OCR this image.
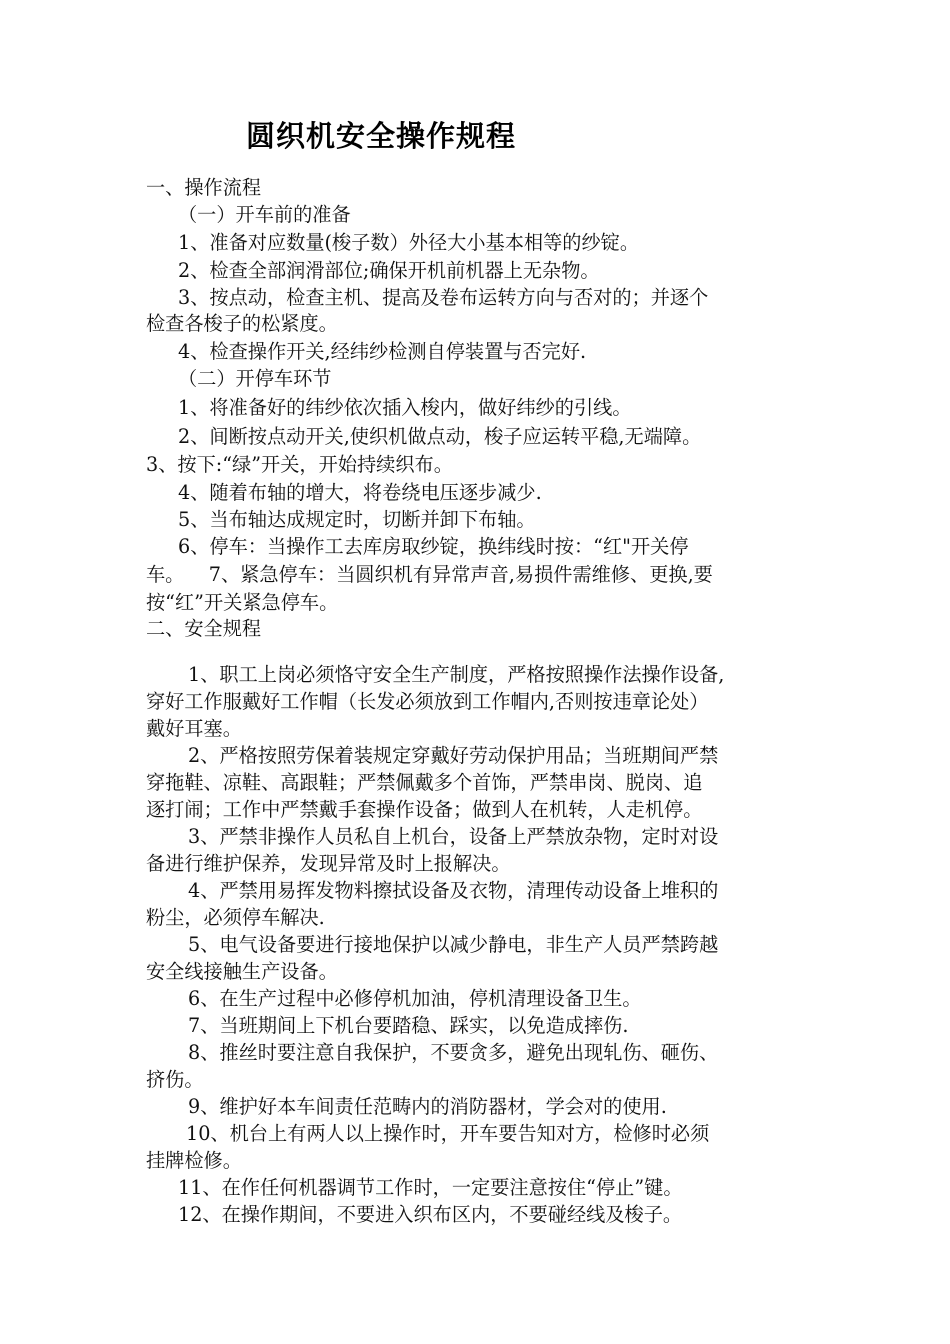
圆织机安全操作规程
一、操作流程
（一）开车前的准备
1、准备对应数量(梭子数）外径大小基本相等的纱锭。
2、检查全部润滑部位;确保开机前机器上无杂物。
3、按点动，检查主机、提高及卷布运转方向与否对的；并逐个
检查各梭子的松紧度。
4、检查操作开关,经纬纱检测自停装置与否完好.
（二）开停车环节
1、将准备好的纬纱依次插入梭内，做好纬纱的引线。
2、间断按点动开关,使织机做点动，梭子应运转平稳,无端障。
3、按下:“绿”开关，开始持续织布。
4、随着布轴的增大，将卷绕电压逐步减少.
5、当布轴达成规定时，切断并卸下布轴。
6、停车：当操作工去库房取纱锭，换纬线时按：“红"开关停
车。    7、紧急停车：当圆织机有异常声音,易损件需维修、更换,要
按“红”开关紧急停车。
二、安全规程
1、职工上岗必须恪守安全生产制度，严格按照操作法操作设备,
穿好工作服戴好工作帽（长发必须放到工作帽内,否则按违章论处）
戴好耳塞。
2、严格按照劳保着装规定穿戴好劳动保护用品；当班期间严禁
穿拖鞋、凉鞋、高跟鞋；严禁佩戴多个首饰，严禁串岗、脱岗、追
逐打闹；工作中严禁戴手套操作设备；做到人在机转，人走机停。
3、严禁非操作人员私自上机台，设备上严禁放杂物，定时对设
备进行维护保养，发现异常及时上报解决。
4、严禁用易挥发物料擦拭设备及衣物，清理传动设备上堆积的
粉尘，必须停车解决.
5、电气设备要进行接地保护以减少静电，非生产人员严禁跨越
安全线接触生产设备。
6、在生产过程中必修停机加油，停机清理设备卫生。
7、当班期间上下机台要踏稳、踩实，以免造成摔伤.
8、推丝时要注意自我保护，不要贪多，避免出现轧伤、砸伤、
挤伤。
9、维护好本车间责任范畴内的消防器材，学会对的使用.
10、机台上有两人以上操作时，开车要告知对方，检修时必须
挂牌检修。
11、在作任何机器调节工作时，一定要注意按住“停止”键。
12、在操作期间，不要进入织布区内，不要碰经线及梭子。
